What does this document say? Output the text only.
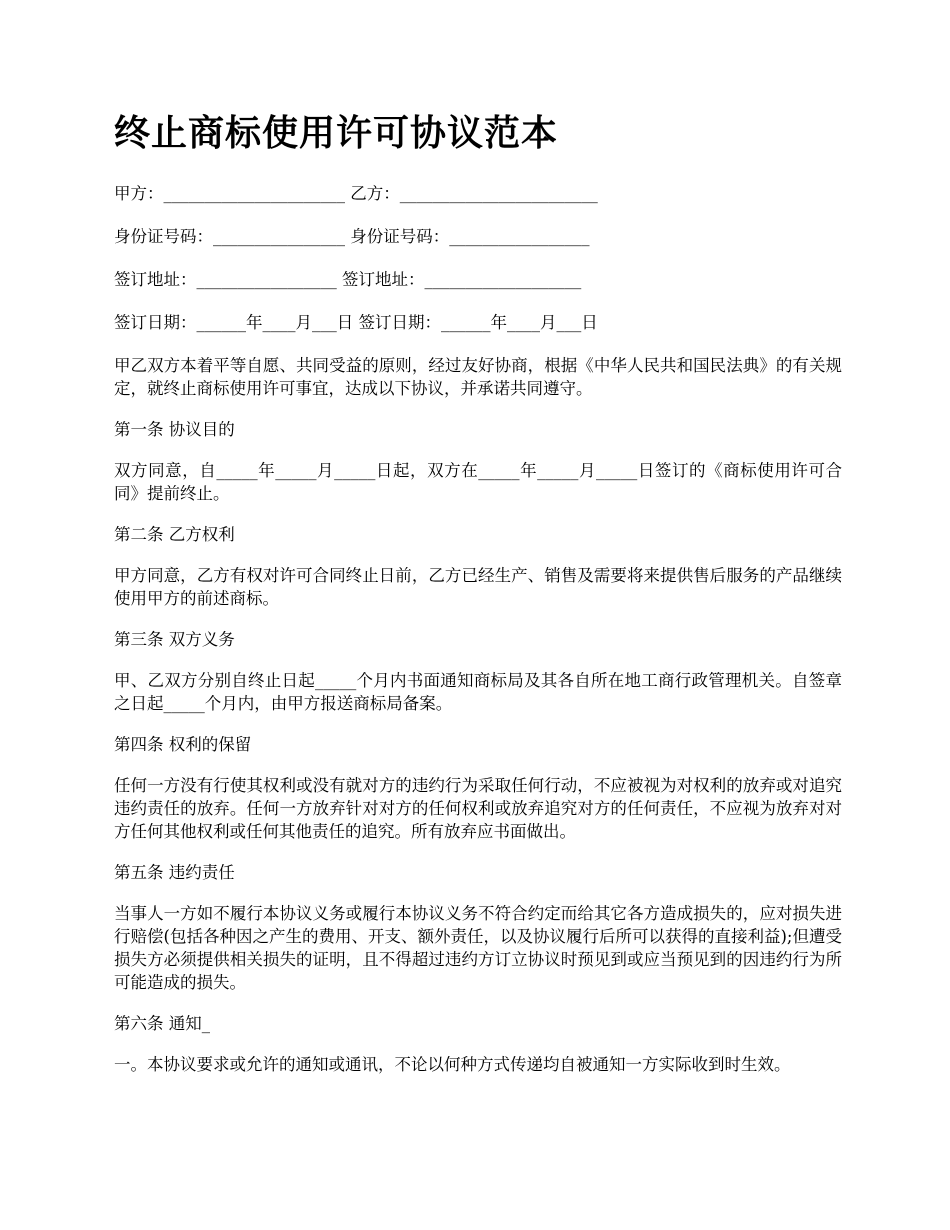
终止商标使用许可协议范本

甲方：______________________ 乙方：________________________

身份证号码：________________ 身份证号码：_________________

签订地址：_________________ 签订地址：___________________

签订日期：______年____月___日 签订日期：______年____月___日

甲乙双方本着平等自愿、共同受益的原则，经过友好协商，根据《中华人民共和国民法典》的有关规定，就终止商标使用许可事宜，达成以下协议，并承诺共同遵守。

第一条 协议目的

双方同意，自_____年_____月_____日起，双方在_____年_____月_____日签订的《商标使用许可合同》提前终止。

第二条 乙方权利

甲方同意，乙方有权对许可合同终止日前，乙方已经生产、销售及需要将来提供售后服务的产品继续使用甲方的前述商标。

第三条 双方义务

甲、乙双方分别自终止日起_____个月内书面通知商标局及其各自所在地工商行政管理机关。自签章之日起_____个月内，由甲方报送商标局备案。

第四条 权利的保留

任何一方没有行使其权利或没有就对方的违约行为采取任何行动，不应被视为对权利的放弃或对追究违约责任的放弃。任何一方放弃针对对方的任何权利或放弃追究对方的任何责任，不应视为放弃对对方任何其他权利或任何其他责任的追究。所有放弃应书面做出。

第五条 违约责任

当事人一方如不履行本协议义务或履行本协议义务不符合约定而给其它各方造成损失的，应对损失进行赔偿(包括各种因之产生的费用、开支、额外责任，以及协议履行后所可以获得的直接利益);但遭受损失方必须提供相关损失的证明，且不得超过违约方订立协议时预见到或应当预见到的因违约行为所可能造成的损失。

第六条 通知_

一。本协议要求或允许的通知或通讯，不论以何种方式传递均自被通知一方实际收到时生效。
